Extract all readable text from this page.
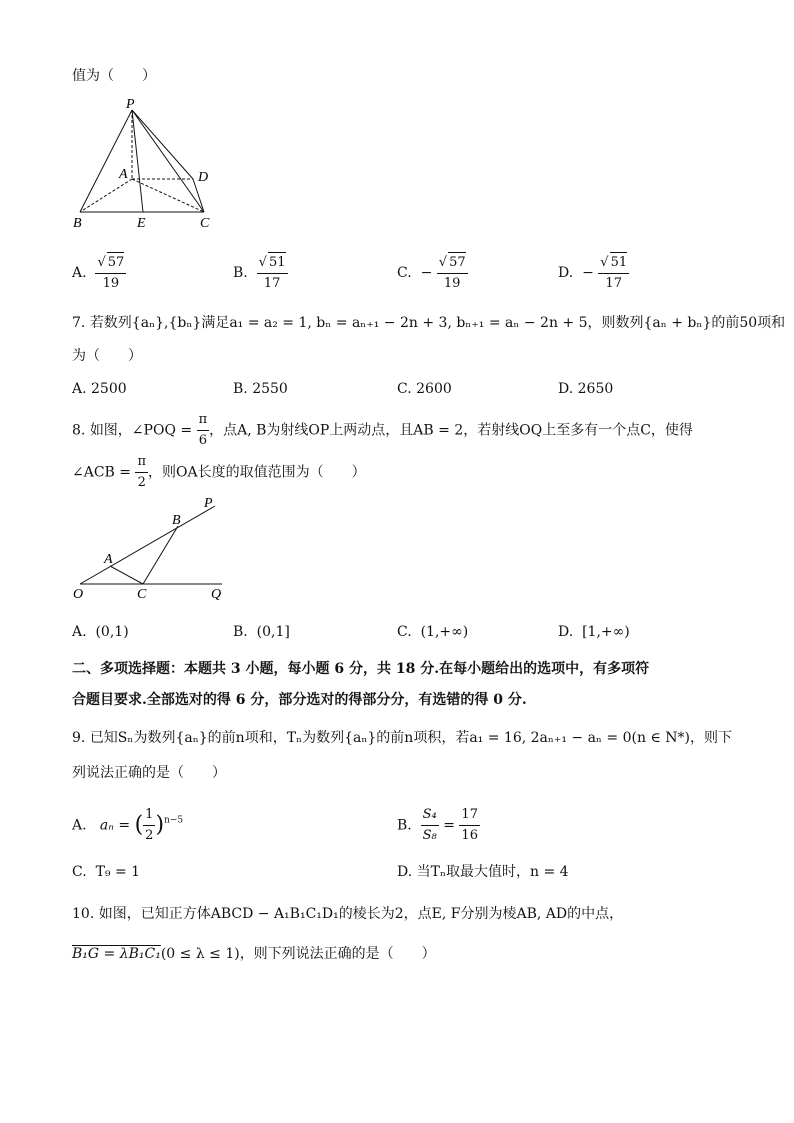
值为（　　）
P
A	D
B	E	C
A. $\frac{√ 57}{19}$	B. $\frac{√ 51}{17}$	C. − $\frac{√ 57}{19}$	D. − $\frac{√ 51}{17}$
7. 若数列{aₙ},{bₙ}满足a₁ = a₂ = 1, bₙ = aₙ₊₁ − 2n + 3, bₙ₊₁ = aₙ − 2n + 5，则数列{aₙ + bₙ}的前50项和
为（　　）
A. 2500	B. 2550	C. 2600	D. 2650
8. 如图，∠POQ = $\frac{\pi}{6}$ ，点A, B为射线OP上两动点，且AB = 2，若射线OQ上至多有一个点C，使得
∠ACB = $\frac{\pi}{2}$ ，则OA长度的取值范围为（　　）
P
B
A
O	C	Q
A. (0,1)	B. (0,1]	C. (1,+∞)	D. [1,+∞)
二、多项选择题：本题共 3 小题，每小题 6 分，共 18 分.在每小题给出的选项中，有多项符
合题目要求.全部选对的得 6 分，部分选对的得部分分，有选错的得 0 分.
9. 已知Sₙ为数列{aₙ}的前n项和，Tₙ为数列{aₙ}的前n项积，若a₁ = 16, 2aₙ₊₁ − aₙ = 0(n ∈ N*)，则下
列说法正确的是（　　）
A. aₙ = ( $\frac{1}{2} )^{n-5}$	B. $\frac{\text{S₄}}{\text{S₈}} = \frac{17}{16}$
C. T₉ = 1	D. 当Tₙ取最大值时，n = 4
10. 如图，已知正方体ABCD − A₁B₁C₁D₁的棱长为2，点E, F分别为棱AB, AD的中点，
B₁G = λB₁C₁(0 ≤ λ ≤ 1)，则下列说法正确的是（　　）
